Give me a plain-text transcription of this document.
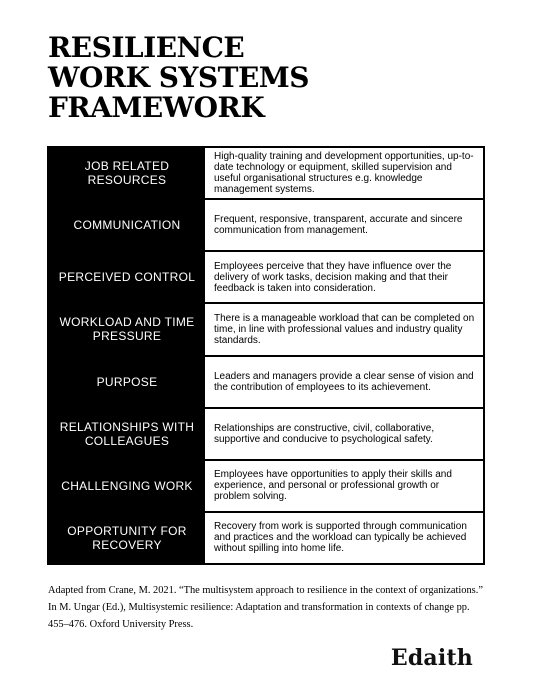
RESILIENCE
WORK SYSTEMS
FRAMEWORK
JOB RELATED RESOURCES
High-quality training and development opportunities, up-to-date technology or equipment, skilled supervision and useful organisational structures e.g. knowledge management systems.
COMMUNICATION	Frequent, responsive, transparent, accurate and sincere communication from management.
PERCEIVED CONTROL
Employees perceive that they have influence over the delivery of work tasks, decision making and that their feedback is taken into consideration.
WORKLOAD AND TIME PRESSURE
There is a manageable workload that can be completed on time, in line with professional values and industry quality standards.
PURPOSE	Leaders and managers provide a clear sense of vision and the contribution of employees to its achievement.
RELATIONSHIPS WITH COLLEAGUES
Relationships are constructive, civil, collaborative, supportive and conducive to psychological safety.
CHALLENGING WORK
Employees have opportunities to apply their skills and experience, and personal or professional growth or problem solving.
OPPORTUNITY FOR RECOVERY
Recovery from work is supported through communication and practices and the workload can typically be achieved without spilling into home life.

Adapted from Crane, M. 2021. “The multisystem approach to resilience in the context of organizations.” In M. Ungar (Ed.), Multisystemic resilience: Adaptation and transformation in contexts of change pp. 455–476. Oxford University Press.

Edaith
